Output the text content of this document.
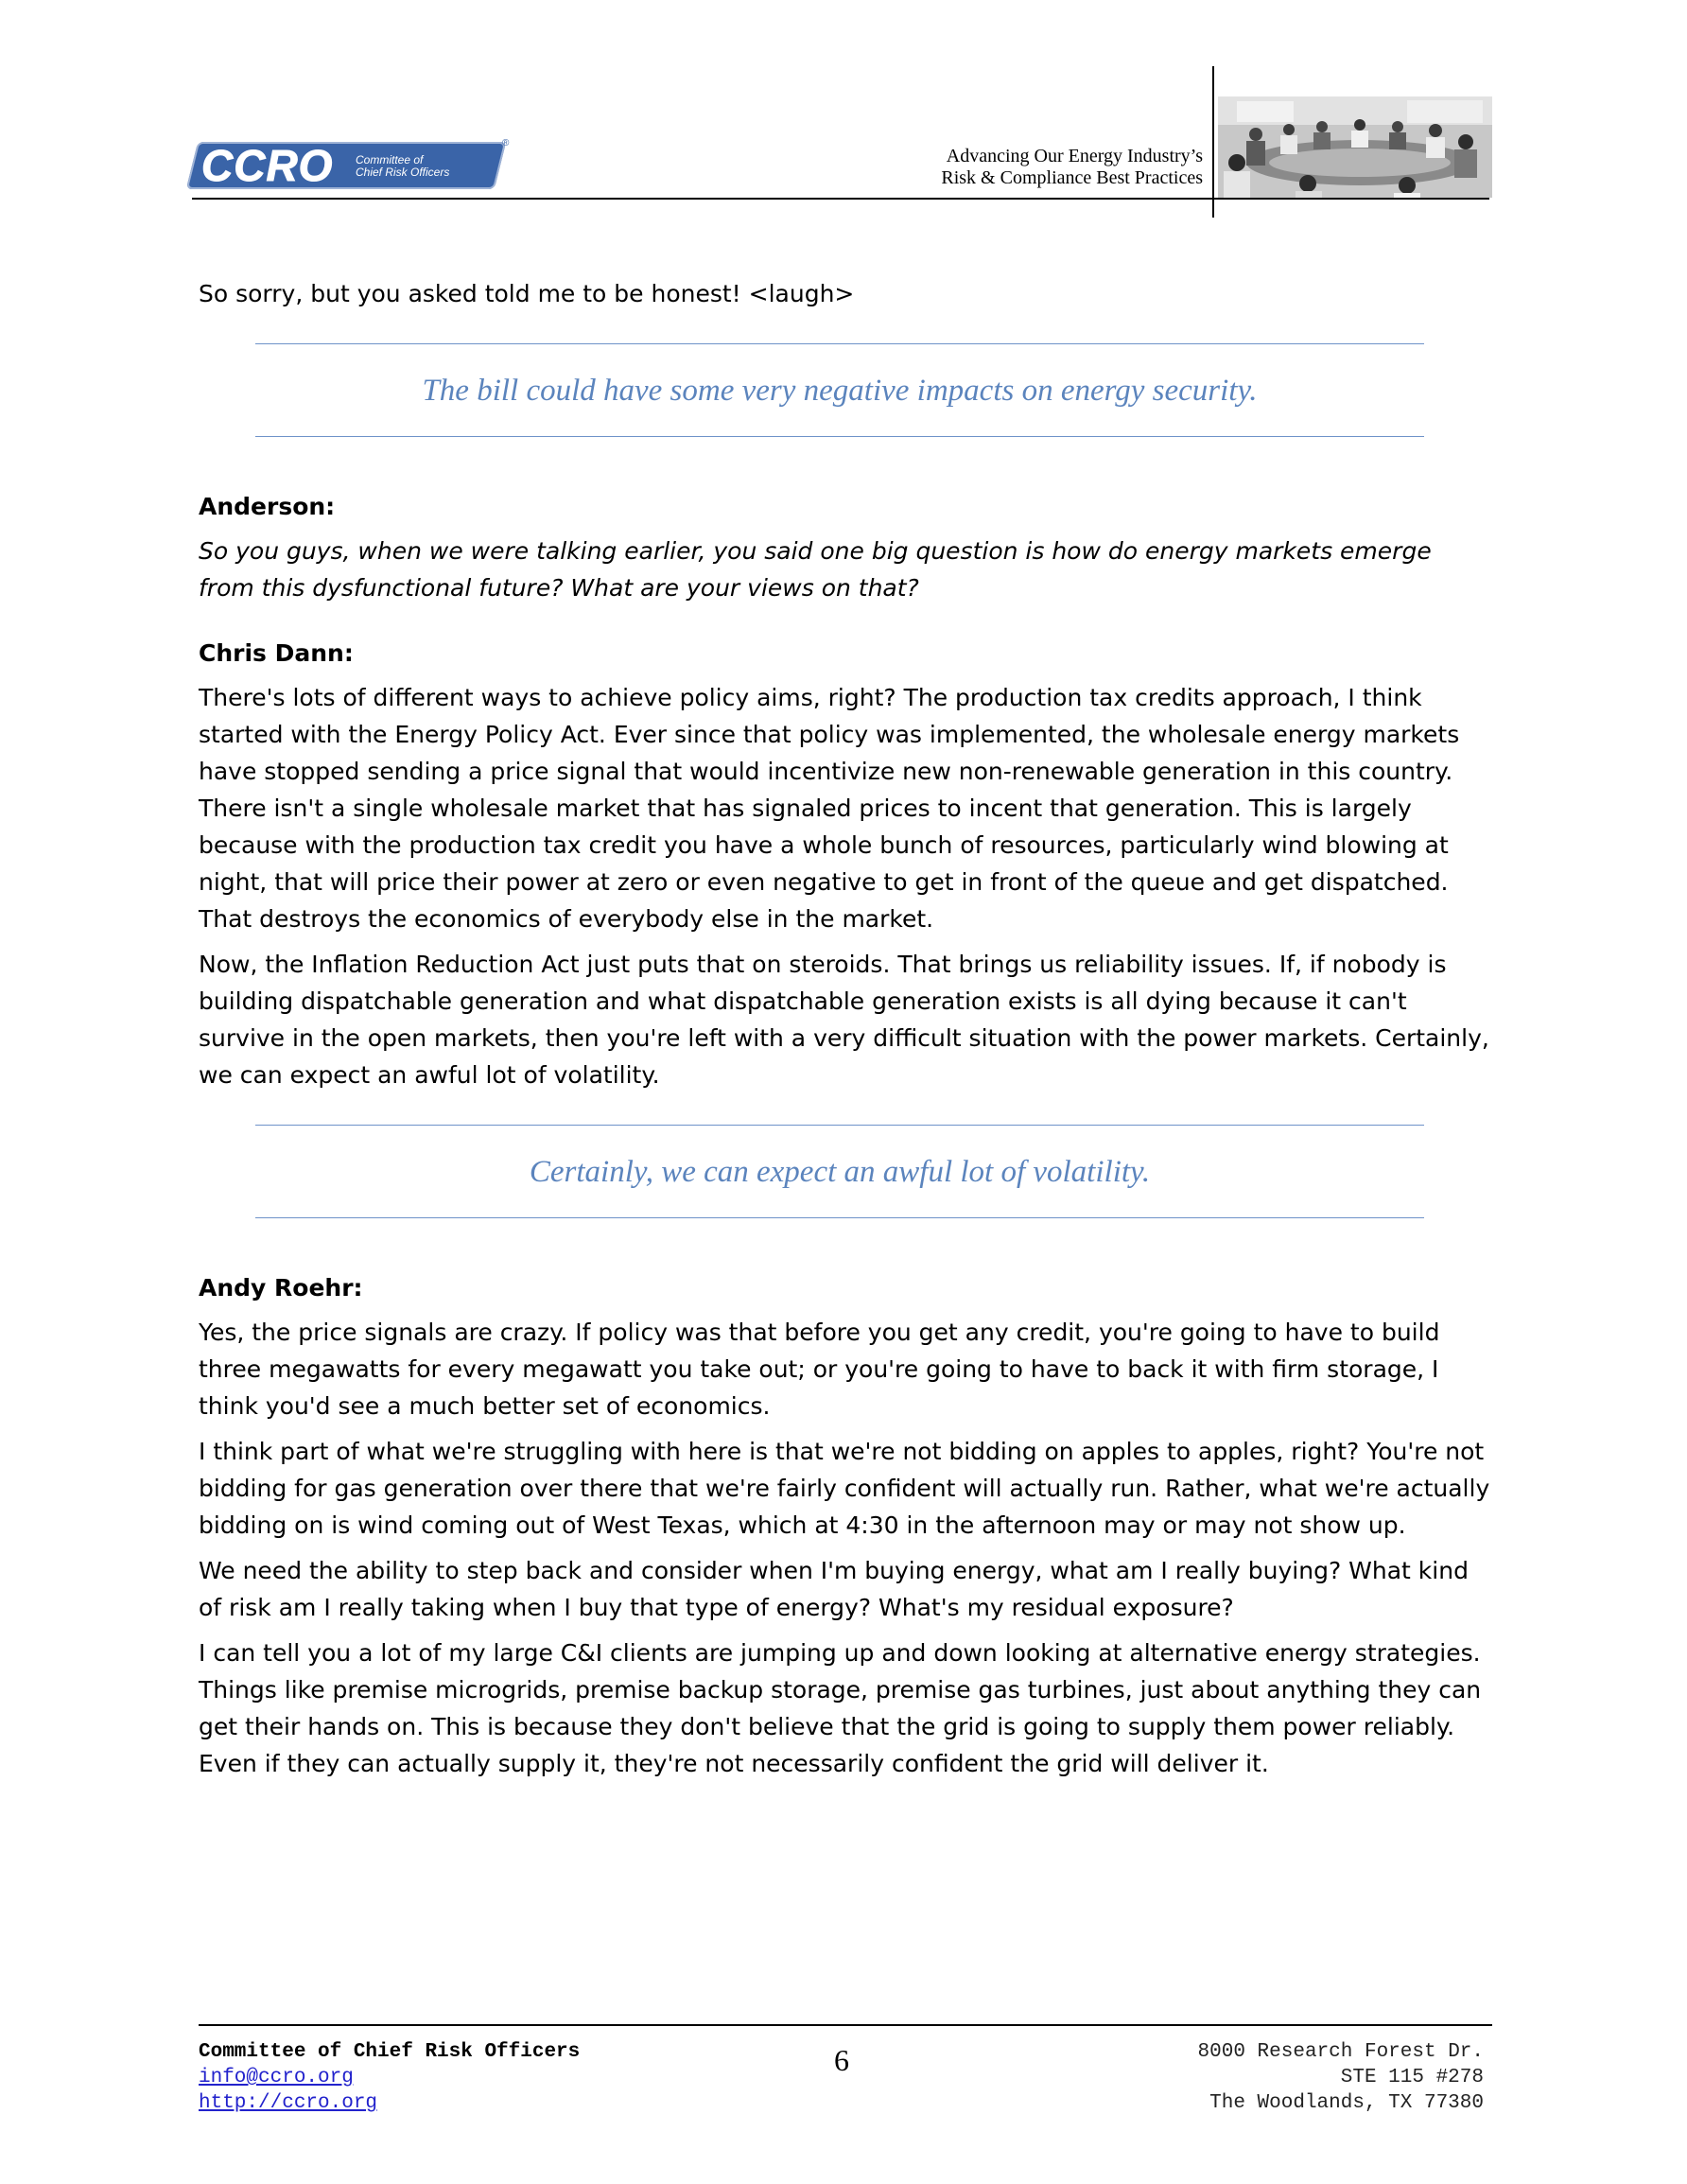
CCRO Committee of
Chief Risk Officers
®
Advancing Our Energy Industry’s
Risk & Compliance Best Practices

So sorry, but you asked told me to be honest! <laugh>

The bill could have some very negative impacts on energy security.

Anderson:

So you guys, when we were talking earlier, you said one big question is how do energy markets emerge from this dysfunctional future? What are your views on that?

Chris Dann:

There's lots of different ways to achieve policy aims, right? The production tax credits approach, I think started with the Energy Policy Act. Ever since that policy was implemented, the wholesale energy markets have stopped sending a price signal that would incentivize new non-renewable generation in this country. There isn't a single wholesale market that has signaled prices to incent that generation. This is largely because with the production tax credit you have a whole bunch of resources, particularly wind blowing at night, that will price their power at zero or even negative to get in front of the queue and get dispatched. That destroys the economics of everybody else in the market.

Now, the Inflation Reduction Act just puts that on steroids. That brings us reliability issues. If, if nobody is building dispatchable generation and what dispatchable generation exists is all dying because it can't survive in the open markets, then you're left with a very difficult situation with the power markets. Certainly, we can expect an awful lot of volatility.

Certainly, we can expect an awful lot of volatility.

Andy Roehr:

Yes, the price signals are crazy. If policy was that before you get any credit, you're going to have to build three megawatts for every megawatt you take out; or you're going to have to back it with firm storage, I think you'd see a much better set of economics.

I think part of what we're struggling with here is that we're not bidding on apples to apples, right? You're not bidding for gas generation over there that we're fairly confident will actually run. Rather, what we're actually bidding on is wind coming out of West Texas, which at 4:30 in the afternoon may or may not show up.

We need the ability to step back and consider when I'm buying energy, what am I really buying? What kind of risk am I really taking when I buy that type of energy? What's my residual exposure?

I can tell you a lot of my large C&I clients are jumping up and down looking at alternative energy strategies. Things like premise microgrids, premise backup storage, premise gas turbines, just about anything they can get their hands on. This is because they don't believe that the grid is going to supply them power reliably. Even if they can actually supply it, they're not necessarily confident the grid will deliver it.

Committee of Chief Risk Officers
info@ccro.org
http://ccro.org
6	8000 Research Forest Dr.
STE 115 #278
The Woodlands, TX 77380
